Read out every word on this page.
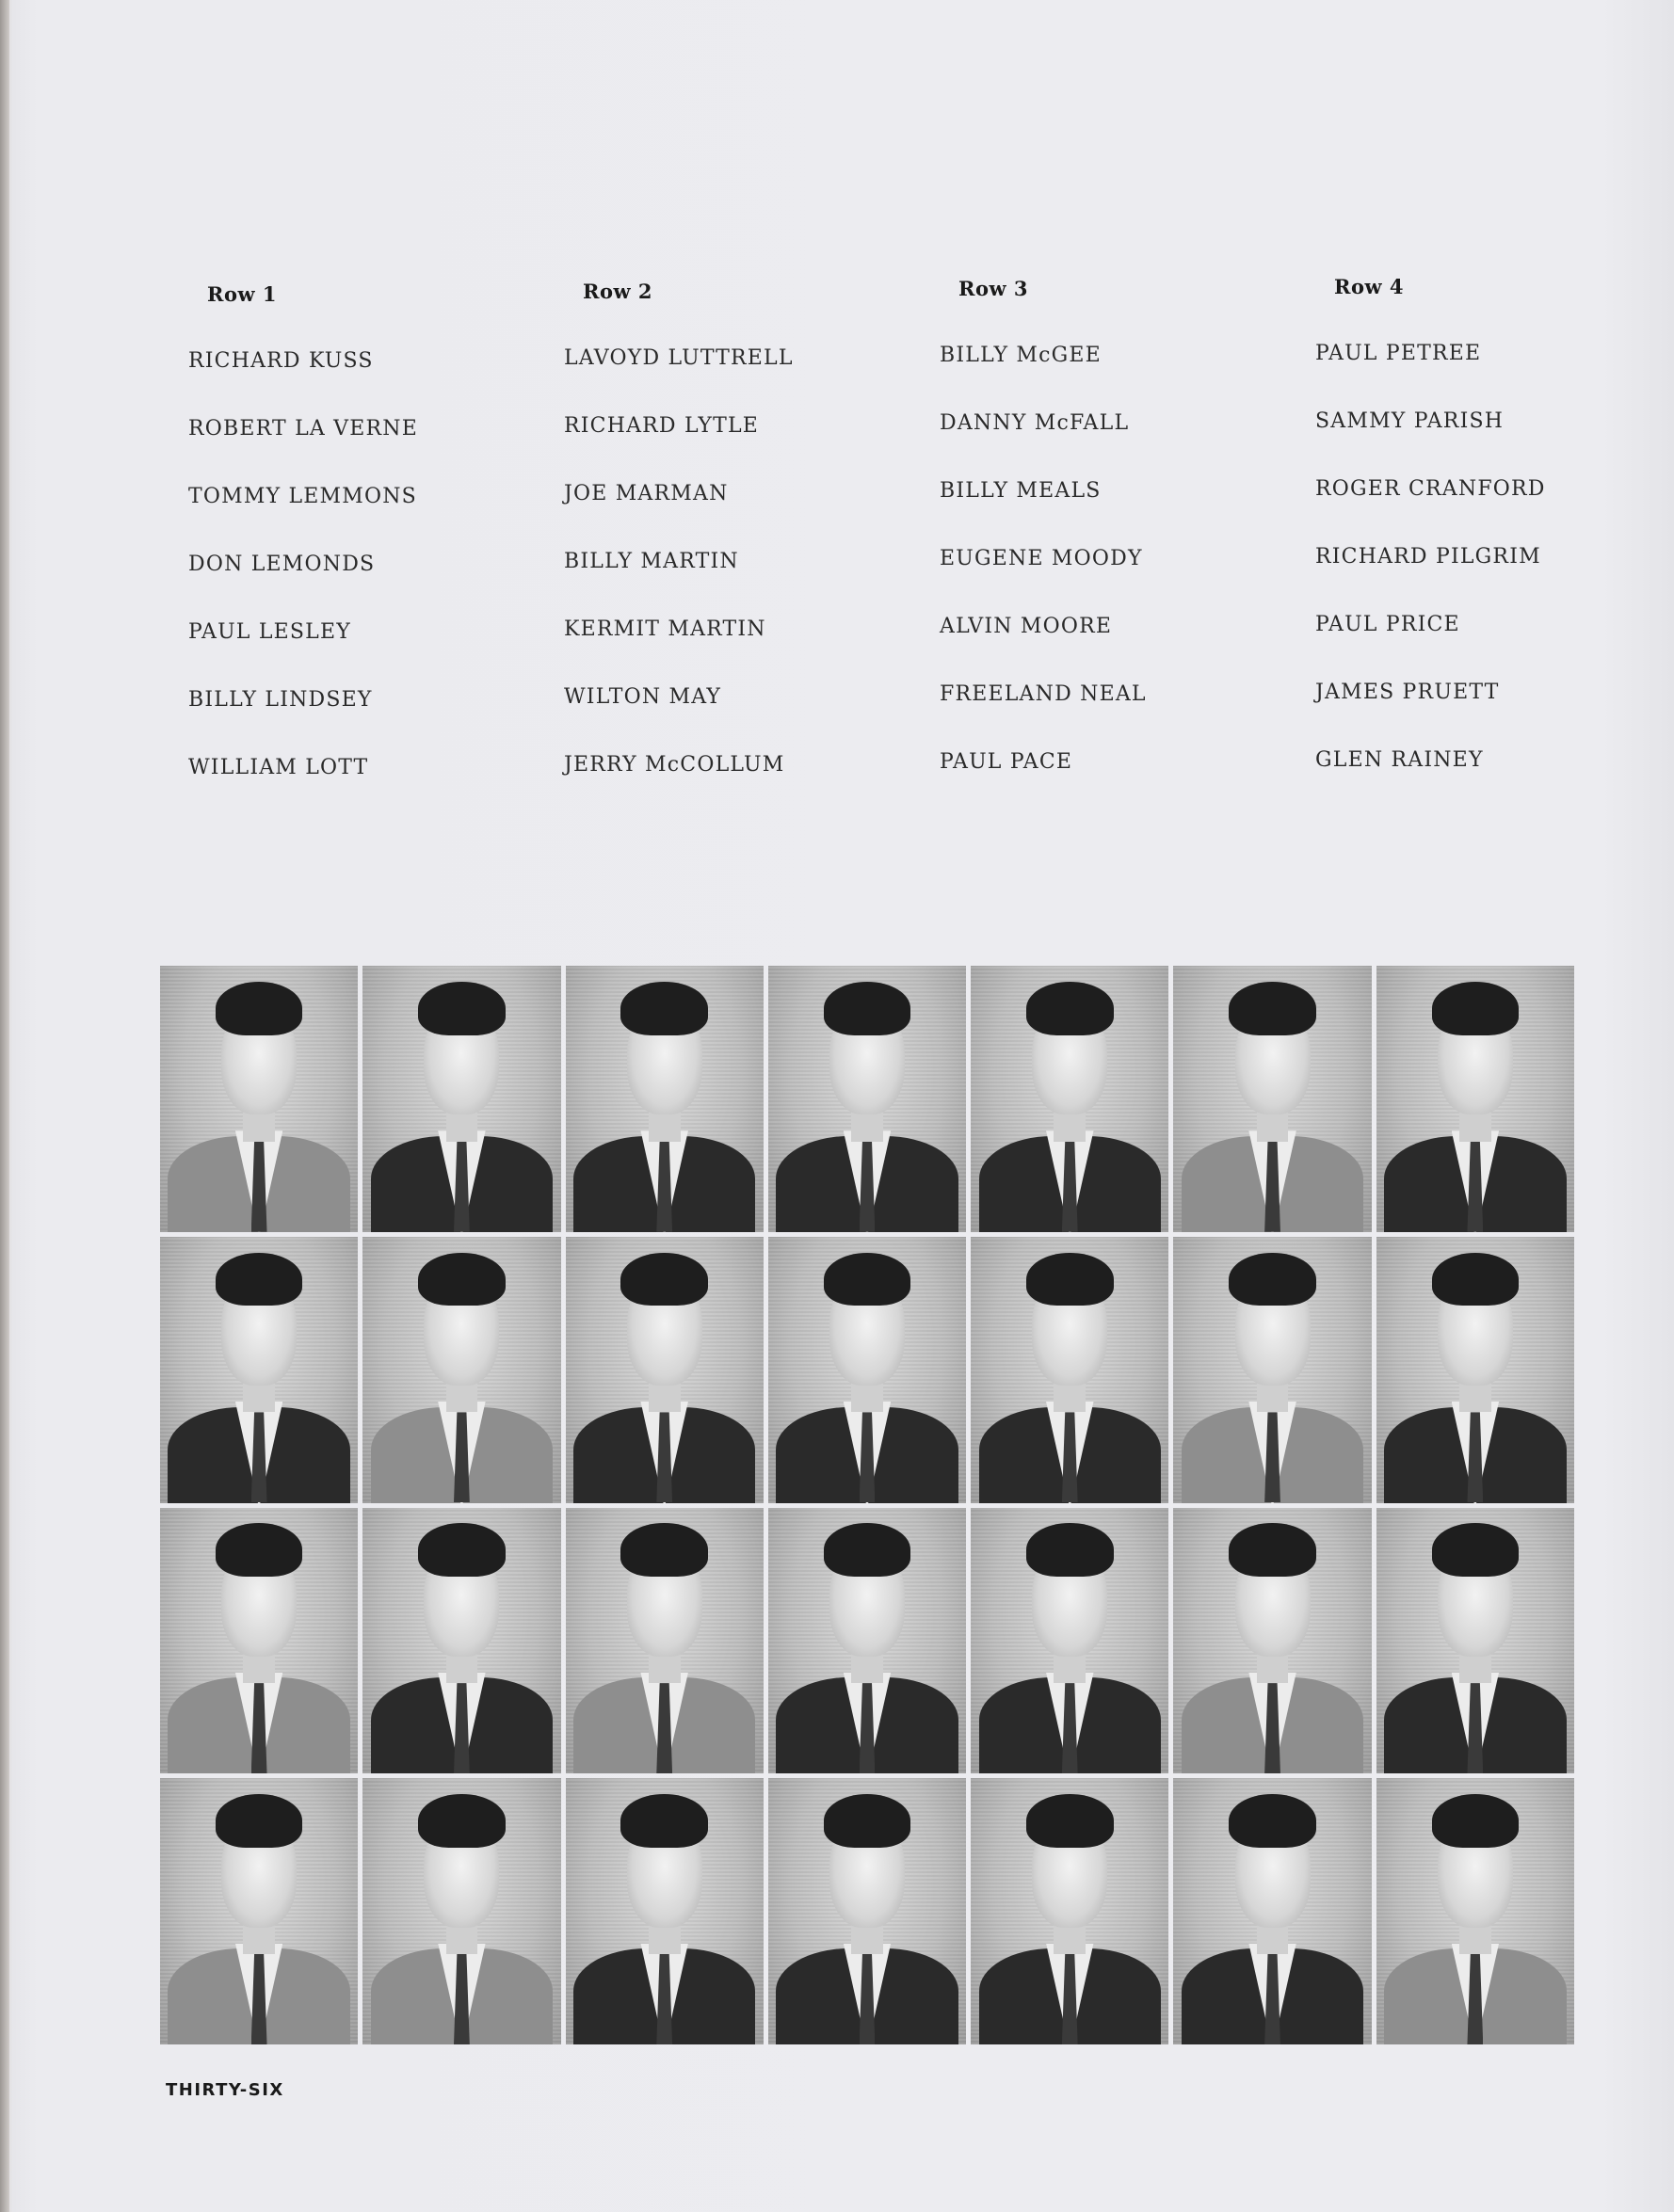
Row 1
RICHARD KUSS
ROBERT LA VERNE
TOMMY LEMMONS
DON LEMONDS
PAUL LESLEY
BILLY LINDSEY
WILLIAM LOTT
Row 2
LAVOYD LUTTRELL
RICHARD LYTLE
JOE MARMAN
BILLY MARTIN
KERMIT MARTIN
WILTON MAY
JERRY McCOLLUM
Row 3
BILLY McGEE
DANNY McFALL
BILLY MEALS
EUGENE MOODY
ALVIN MOORE
FREELAND NEAL
PAUL PACE
Row 4
PAUL PETREE
SAMMY PARISH
ROGER CRANFORD
RICHARD PILGRIM
PAUL PRICE
JAMES PRUETT
GLEN RAINEY
THIRTY-SIX
